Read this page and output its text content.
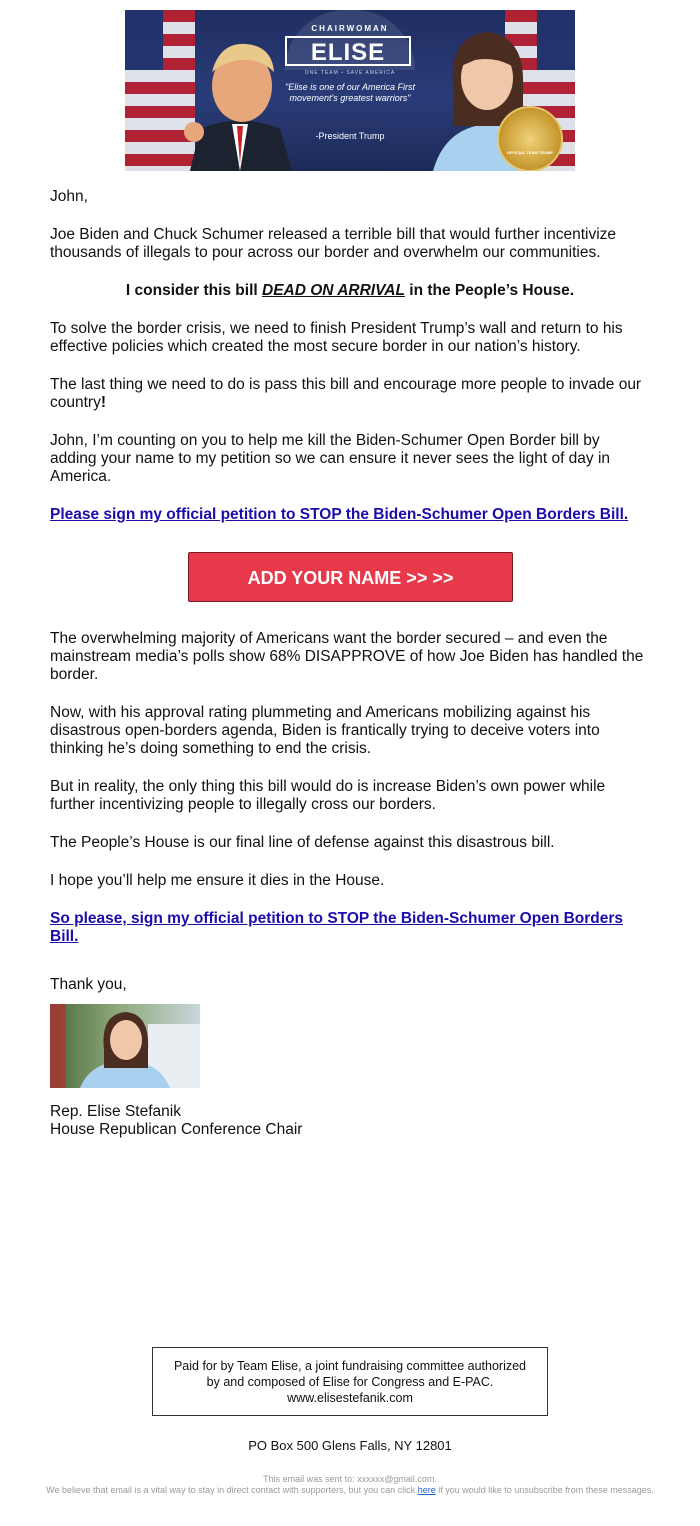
CHAIRWOMAN
ELISE
ONE TEAM • SAVE AMERICA
"Elise is one of our America First movement's greatest warriors"
-President Trump
OFFICIAL TEAM TRUMP

John,

Joe Biden and Chuck Schumer released a terrible bill that would further incentivize thousands of illegals to pour across our border and overwhelm our communities.

I consider this bill DEAD ON ARRIVAL in the People’s House.

To solve the border crisis, we need to finish President Trump’s wall and return to his effective policies which created the most secure border in our nation’s history.

The last thing we need to do is pass this bill and encourage more people to invade our country!

John, I’m counting on you to help me kill the Biden-Schumer Open Border bill by adding your name to my petition so we can ensure it never sees the light of day in America.

Please sign my official petition to STOP the Biden-Schumer Open Borders Bill.
ADD YOUR NAME >> >>

The overwhelming majority of Americans want the border secured – and even the mainstream media’s polls show 68% DISAPPROVE of how Joe Biden has handled the border.

Now, with his approval rating plummeting and Americans mobilizing against his disastrous open-borders agenda, Biden is frantically trying to deceive voters into thinking he’s doing something to end the crisis.

But in reality, the only thing this bill would do is increase Biden’s own power while further incentivizing people to illegally cross our borders.

The People’s House is our final line of defense against this disastrous bill.

I hope you’ll help me ensure it dies in the House.

So please, sign my official petition to STOP the Biden-Schumer Open Borders Bill.

Thank you,

Rep. Elise Stefanik

House Republican Conference Chair

Paid for by Team Elise, a joint fundraising committee authorized by and composed of Elise for Congress and E-PAC. www.elisestefanik.com
PO Box 500 Glens Falls, NY 12801
This email was sent to: xxxxxx@gmail.com.
We believe that email is a vital way to stay in direct contact with supporters, but you can click here if you would like to unsubscribe from these messages.
